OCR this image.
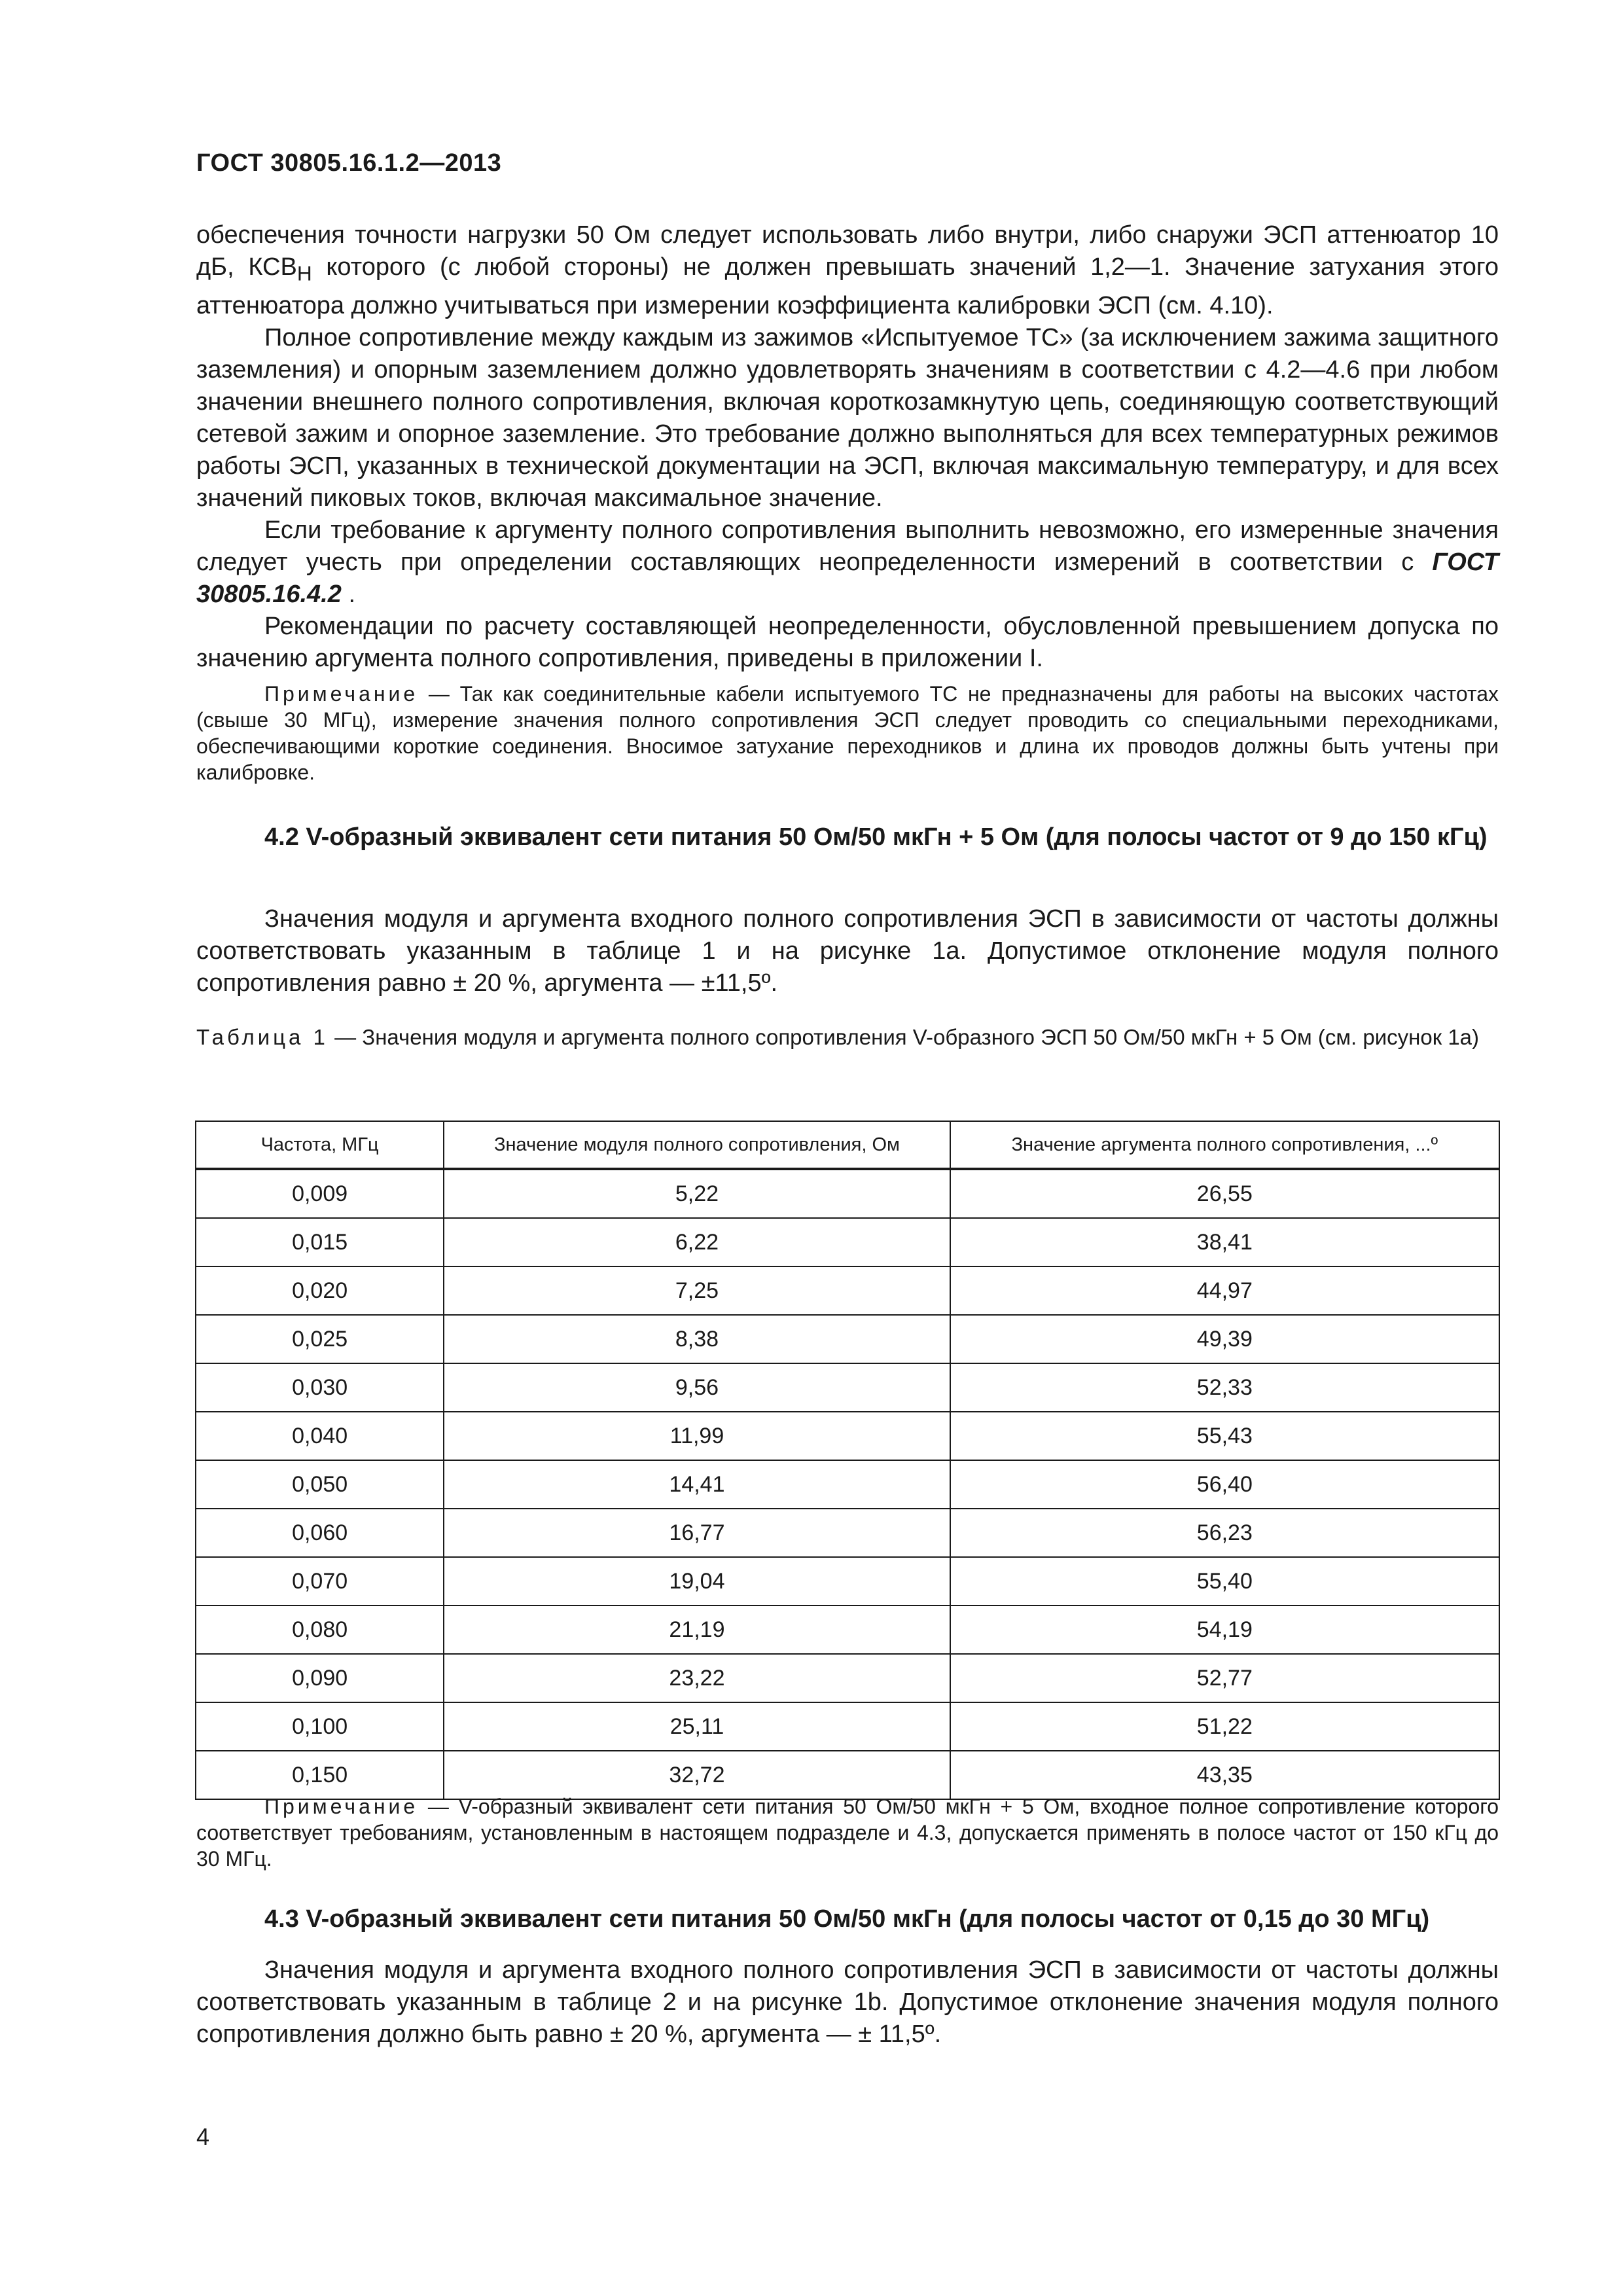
ГОСТ 30805.16.1.2—2013

обеспечения точности нагрузки 50 Ом следует использовать либо внутри, либо снаружи ЭСП аттенюатор 10 дБ, $КСВ_Н$ которого (с любой стороны) не должен превышать значений 1,2—1. Значение затухания этого аттенюатора должно учитываться при измерении коэффициента калибровки ЭСП (см. 4.10).

Полное сопротивление между каждым из зажимов «Испытуемое ТС» (за исключением зажима защитного заземления) и опорным заземлением должно удовлетворять значениям в соответствии с 4.2—4.6 при любом значении внешнего полного сопротивления, включая короткозамкнутую цепь, соединяющую соответствующий сетевой зажим и опорное заземление. Это требование должно выполняться для всех температурных режимов работы ЭСП, указанных в технической документации на ЭСП, включая максимальную температуру, и для всех значений пиковых токов, включая максимальное значение.

Если требование к аргументу полного сопротивления выполнить невозможно, его измеренные значения следует учесть при определении составляющих неопределенности измерений в соответствии с ГОСТ 30805.16.4.2 .

Рекомендации по расчету составляющей неопределенности, обусловленной превышением допуска по значению аргумента полного сопротивления, приведены в приложении I.

Примечание — Так как соединительные кабели испытуемого ТС не предназначены для работы на высоких частотах (свыше 30 МГц), измерение значения полного сопротивления ЭСП следует проводить со специальными переходниками, обеспечивающими короткие соединения. Вносимое затухание переходников и длина их проводов должны быть учтены при калибровке.

4.2 V-образный эквивалент сети питания 50 Ом/50 мкГн + 5 Ом (для полосы частот от 9 до 150 кГц)

Значения модуля и аргумента входного полного сопротивления ЭСП в зависимости от частоты должны соответствовать указанным в таблице 1 и на рисунке 1а. Допустимое отклонение модуля полного сопротивления равно ± 20 %, аргумента — ±11,5º.

Таблица 1 — Значения модуля и аргумента полного сопротивления V-образного ЭСП 50 Ом/50 мкГн + 5 Ом (см. рисунок 1а)

Частота, МГц	Значение модуля полного сопротивления, Ом	Значение аргумента полного сопротивления, ...º
0,009	5,22	26,55
0,015	6,22	38,41
0,020	7,25	44,97
0,025	8,38	49,39
0,030	9,56	52,33
0,040	11,99	55,43
0,050	14,41	56,40
0,060	16,77	56,23
0,070	19,04	55,40
0,080	21,19	54,19
0,090	23,22	52,77
0,100	25,11	51,22
0,150	32,72	43,35

Примечание — V-образный эквивалент сети питания 50 Ом/50 мкГн + 5 Ом, входное полное сопротивление которого соответствует требованиям, установленным в настоящем подразделе и 4.3, допускается применять в полосе частот от 150 кГц до 30 МГц.

4.3 V-образный эквивалент сети питания 50 Ом/50 мкГн (для полосы частот от 0,15 до 30 МГц)

Значения модуля и аргумента входного полного сопротивления ЭСП в зависимости от частоты должны соответствовать указанным в таблице 2 и на рисунке 1b. Допустимое отклонение значения модуля полного сопротивления должно быть равно ± 20 %, аргумента — ± 11,5º.

4
